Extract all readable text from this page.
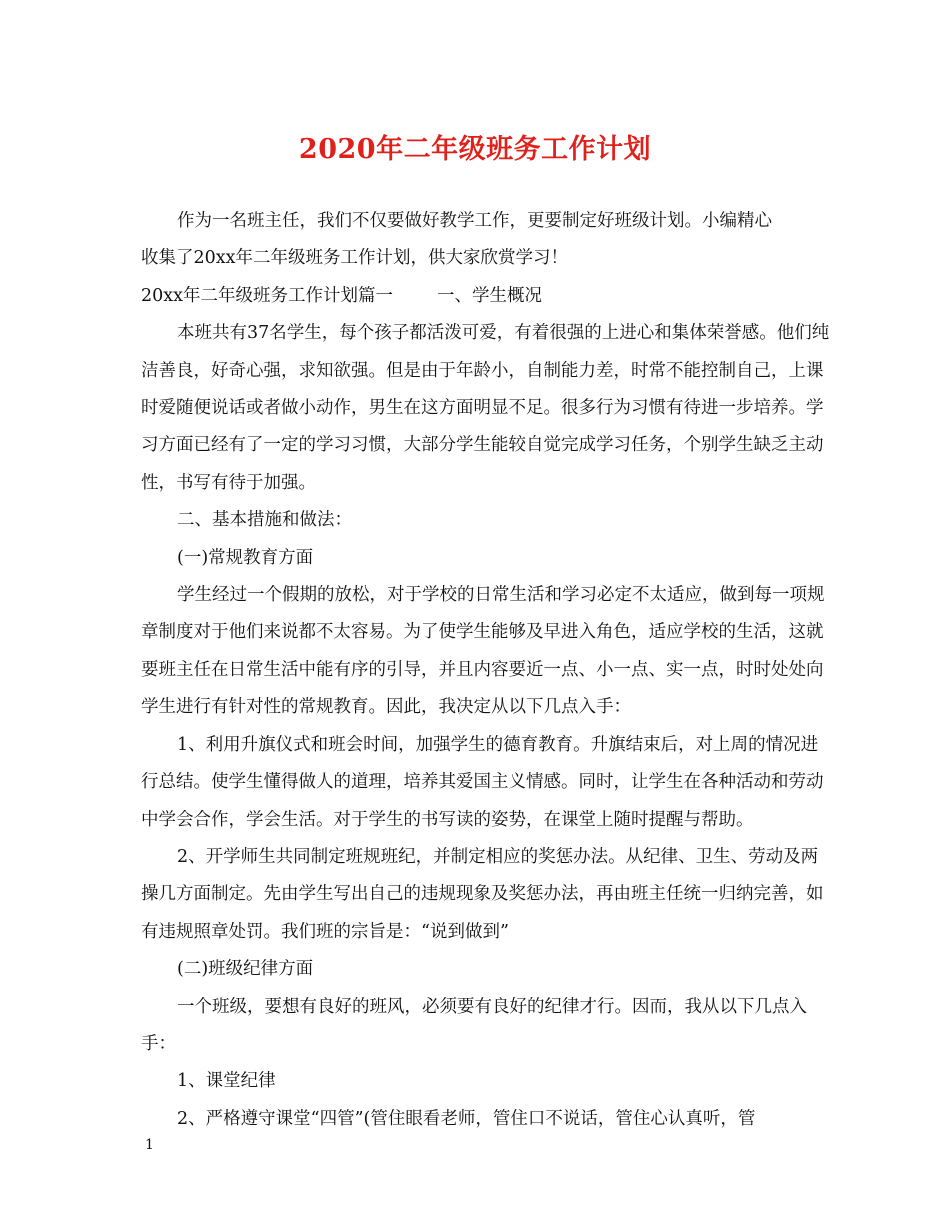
2020年二年级班务工作计划

作为一名班主任，我们不仅要做好教学工作，更要制定好班级计划。小编精心

收集了20xx年二年级班务工作计划，供大家欣赏学习！

20xx年二年级班务工作计划篇一	一、学生概况

本班共有37名学生，每个孩子都活泼可爱，有着很强的上进心和集体荣誉感。他们纯洁善良，好奇心强，求知欲强。但是由于年龄小，自制能力差，时常不能控制自己，上课时爱随便说话或者做小动作，男生在这方面明显不足。很多行为习惯有待进一步培养。学习方面已经有了一定的学习习惯，大部分学生能较自觉完成学习任务，个别学生缺乏主动性，书写有待于加强。

二、基本措施和做法：

(一)常规教育方面

学生经过一个假期的放松，对于学校的日常生活和学习必定不太适应，做到每一项规章制度对于他们来说都不太容易。为了使学生能够及早进入角色，适应学校的生活，这就要班主任在日常生活中能有序的引导，并且内容要近一点、小一点、实一点，时时处处向学生进行有针对性的常规教育。因此，我决定从以下几点入手：

1、利用升旗仪式和班会时间，加强学生的德育教育。升旗结束后，对上周的情况进行总结。使学生懂得做人的道理，培养其爱国主义情感。同时，让学生在各种活动和劳动中学会合作，学会生活。对于学生的书写读的姿势，在课堂上随时提醒与帮助。

2、开学师生共同制定班规班纪，并制定相应的奖惩办法。从纪律、卫生、劳动及两操几方面制定。先由学生写出自己的违规现象及奖惩办法，再由班主任统一归纳完善，如有违规照章处罚。我们班的宗旨是：“说到做到”

(二)班级纪律方面

一个班级，要想有良好的班风，必须要有良好的纪律才行。因而，我从以下几点入手：

1、课堂纪律

2、严格遵守课堂“四管”(管住眼看老师，管住口不说话，管住心认真听，管

1
